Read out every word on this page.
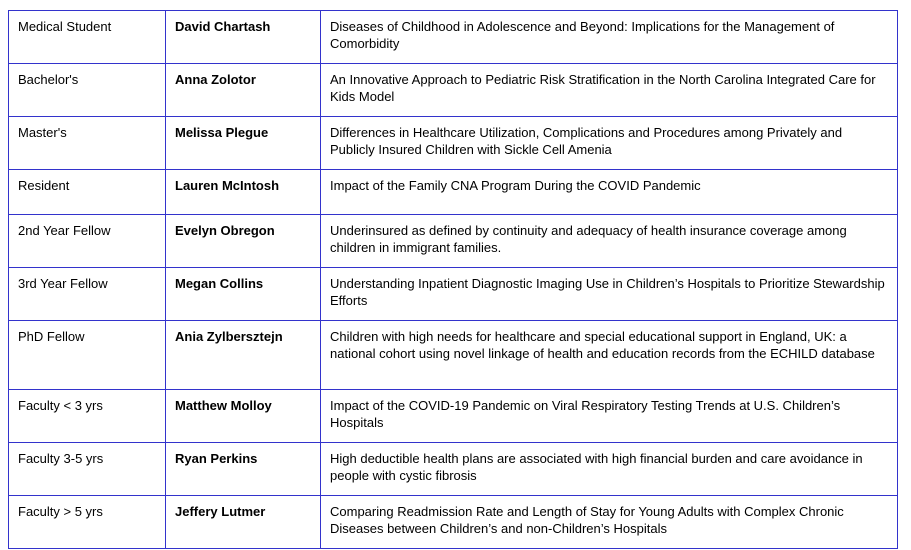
Medical Student	David Chartash	Diseases of Childhood in Adolescence and Beyond: Implications for the Management of Comorbidity
Bachelor's	Anna Zolotor	An Innovative Approach to Pediatric Risk Stratification in the North Carolina Integrated Care for Kids Model
Master's	Melissa Plegue	Differences in Healthcare Utilization, Complications and Procedures among Privately and Publicly Insured Children with Sickle Cell Amenia
Resident	Lauren McIntosh	Impact of the Family CNA Program During the COVID Pandemic
2nd Year Fellow	Evelyn Obregon	Underinsured as defined by continuity and adequacy of health insurance coverage among children in immigrant families.
3rd Year Fellow	Megan Collins	Understanding Inpatient Diagnostic Imaging Use in Children’s Hospitals to Prioritize Stewardship Efforts
PhD Fellow	Ania Zylbersztejn	Children with high needs for healthcare and special educational support in England, UK: a national cohort using novel linkage of health and education records from the ECHILD database
Faculty < 3 yrs	Matthew Molloy	Impact of the COVID-19 Pandemic on Viral Respiratory Testing Trends at U.S. Children’s Hospitals
Faculty 3-5 yrs	Ryan Perkins	High deductible health plans are associated with high financial burden and care avoidance in people with cystic fibrosis
Faculty > 5 yrs	Jeffery Lutmer	Comparing Readmission Rate and Length of Stay for Young Adults with Complex Chronic Diseases between Children’s and non-Children’s Hospitals
